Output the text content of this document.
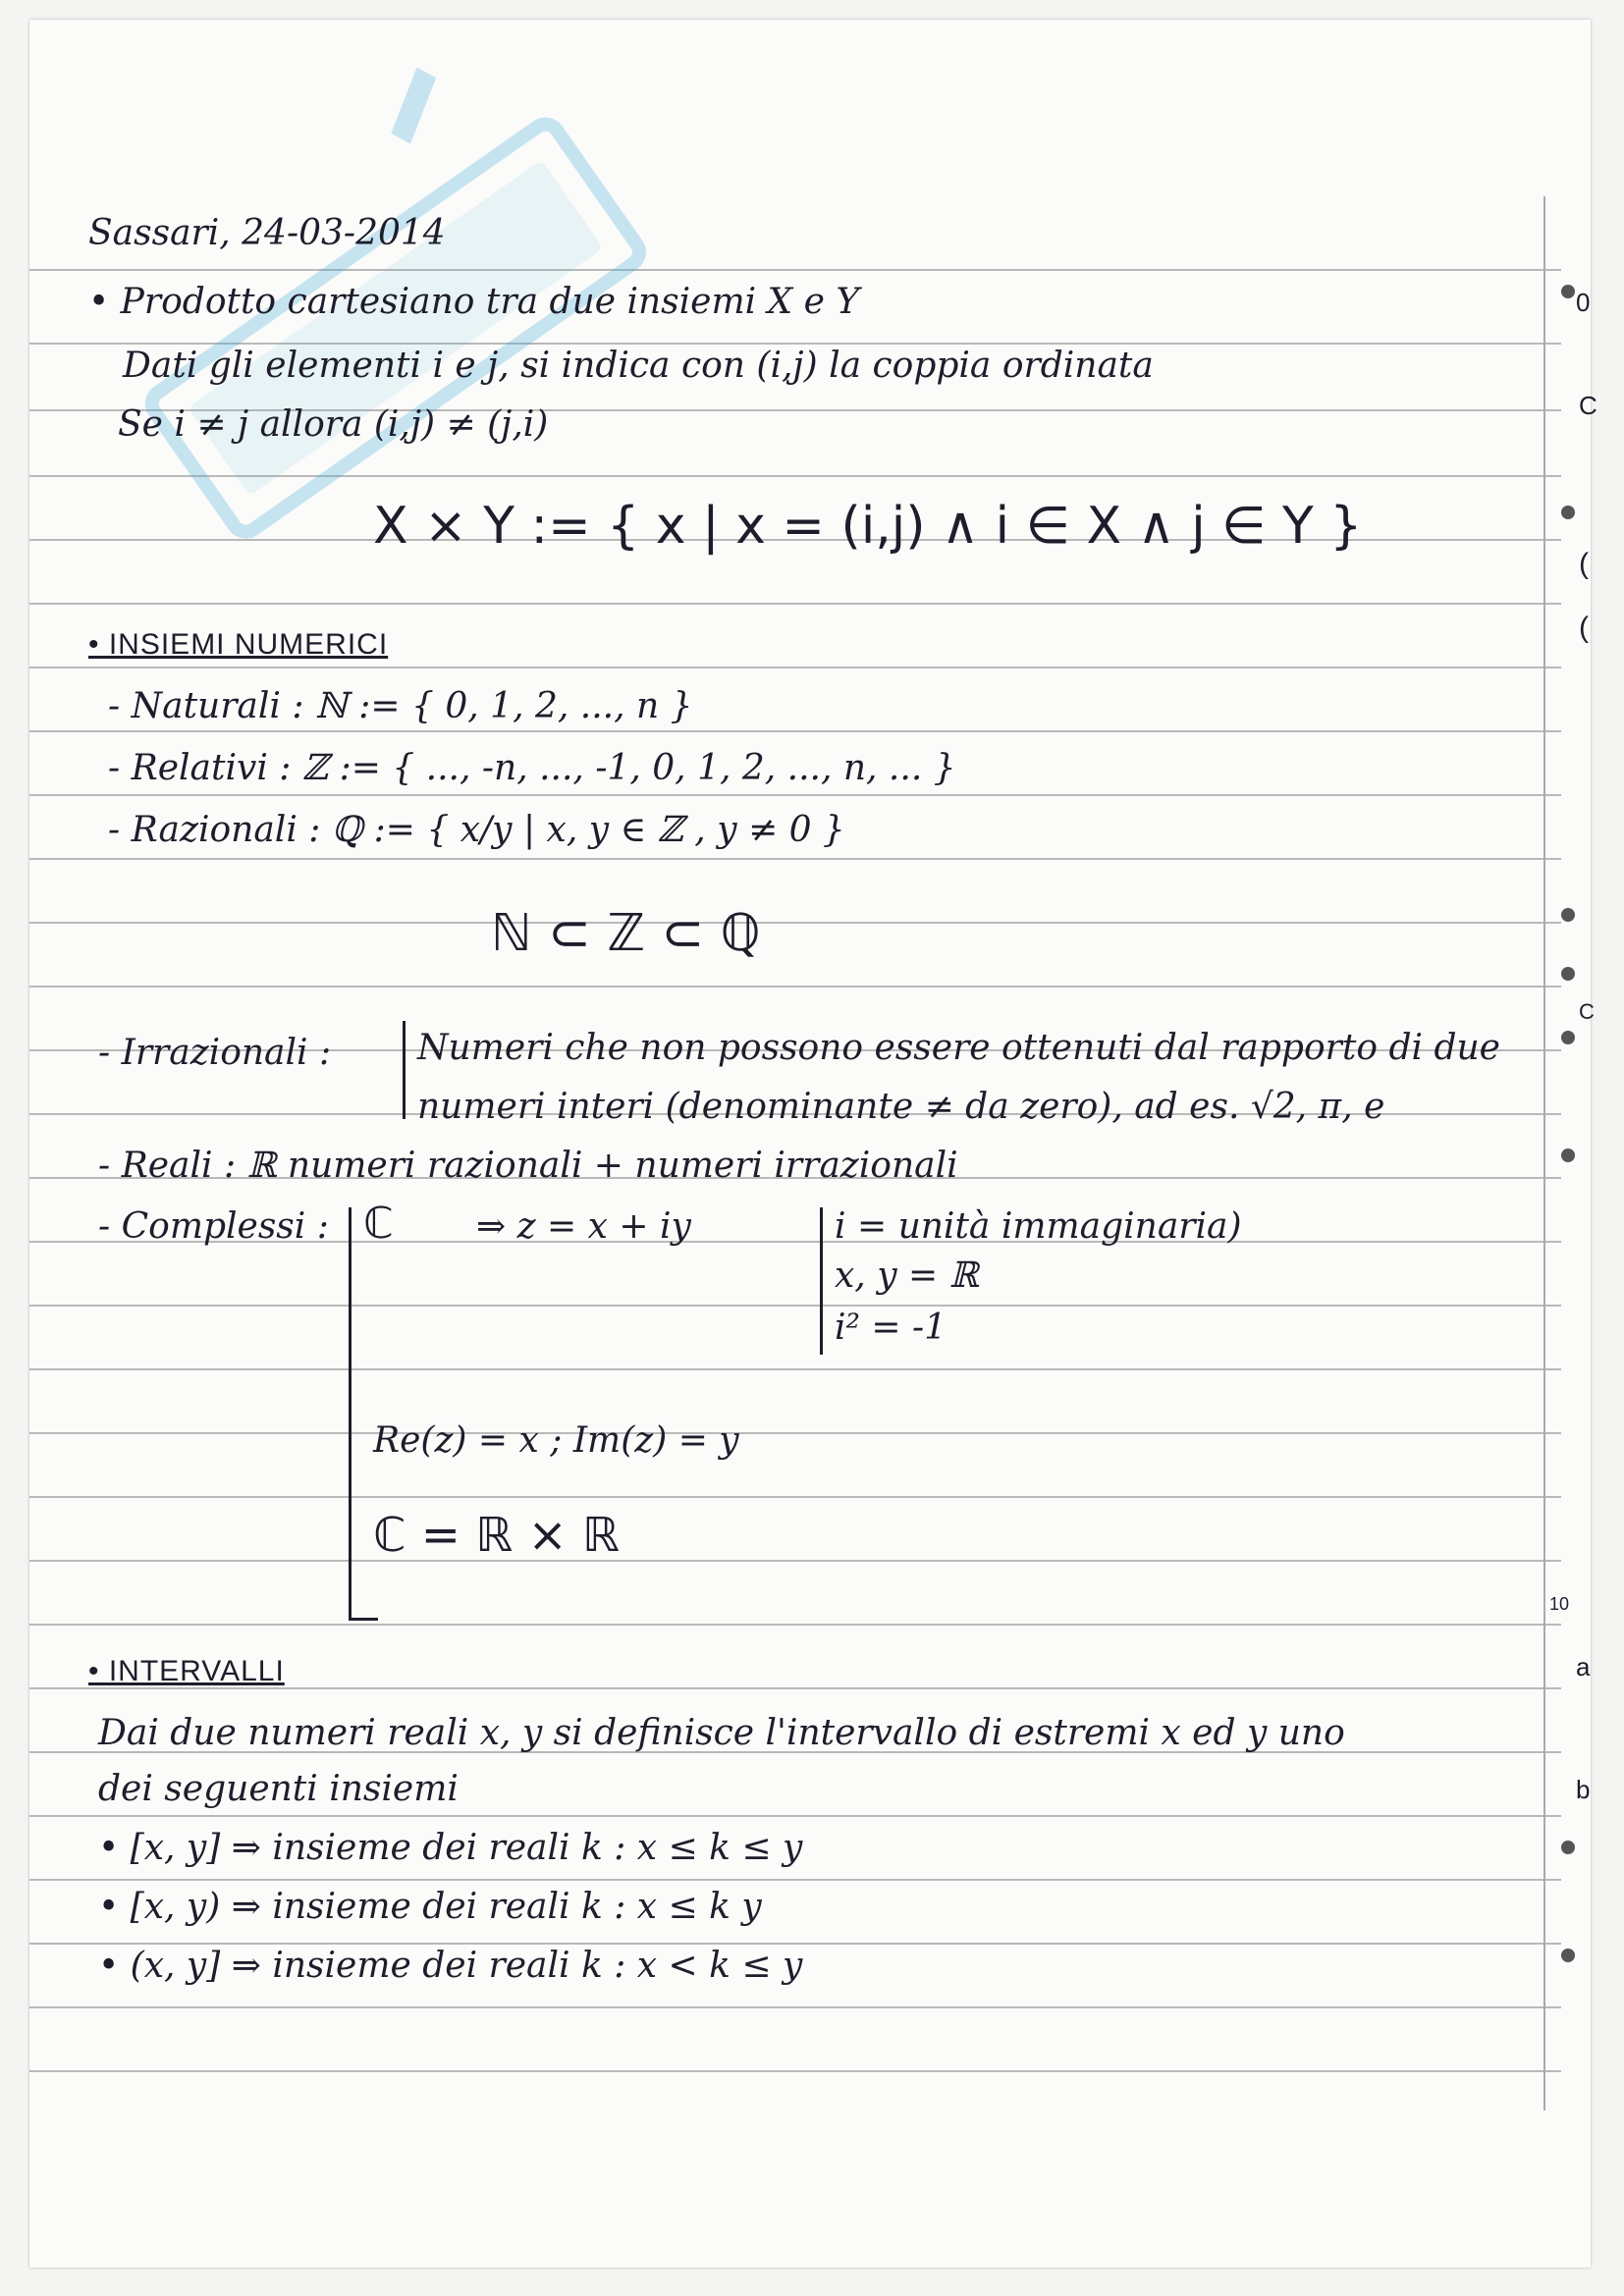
Sassari, 24-03-2014
• Prodotto cartesiano tra due insiemi X e Y
Dati gli elementi i e j, si indica con (i,j) la coppia ordinata
Se i ≠ j allora (i,j) ≠ (j,i)
X × Y := { x | x = (i,j) ∧ i ∈ X ∧ j ∈ Y }
• INSIEMI NUMERICI
- Naturali : ℕ := { 0, 1, 2, ..., n }
- Relativi : ℤ := { ..., -n, ..., -1, 0, 1, 2, ..., n, ... }
- Razionali : ℚ := { x/y | x, y ∈ ℤ , y ≠ 0 }
ℕ ⊂ ℤ ⊂ ℚ
- Irrazionali : Numeri che non possono essere ottenuti dal rapporto di due
numeri interi (denominante ≠ da zero), ad es. √2, π, e
- Reali : ℝ numeri razionali + numeri irrazionali
- Complessi : ℂ ⇒ z = x + iy	i = unità immaginaria)
x, y = ℝ
i² = -1
Re(z) = x ; Im(z) = y
ℂ = ℝ × ℝ
• INTERVALLI
Dai due numeri reali x, y si definisce l'intervallo di estremi x ed y uno
dei seguenti insiemi
• [x, y] ⇒ insieme dei reali k : x ≤ k ≤ y
• [x, y) ⇒ insieme dei reali k : x ≤ k y
• (x, y] ⇒ insieme dei reali k : x < k ≤ y
0
C
(
(
C
10
a
b
